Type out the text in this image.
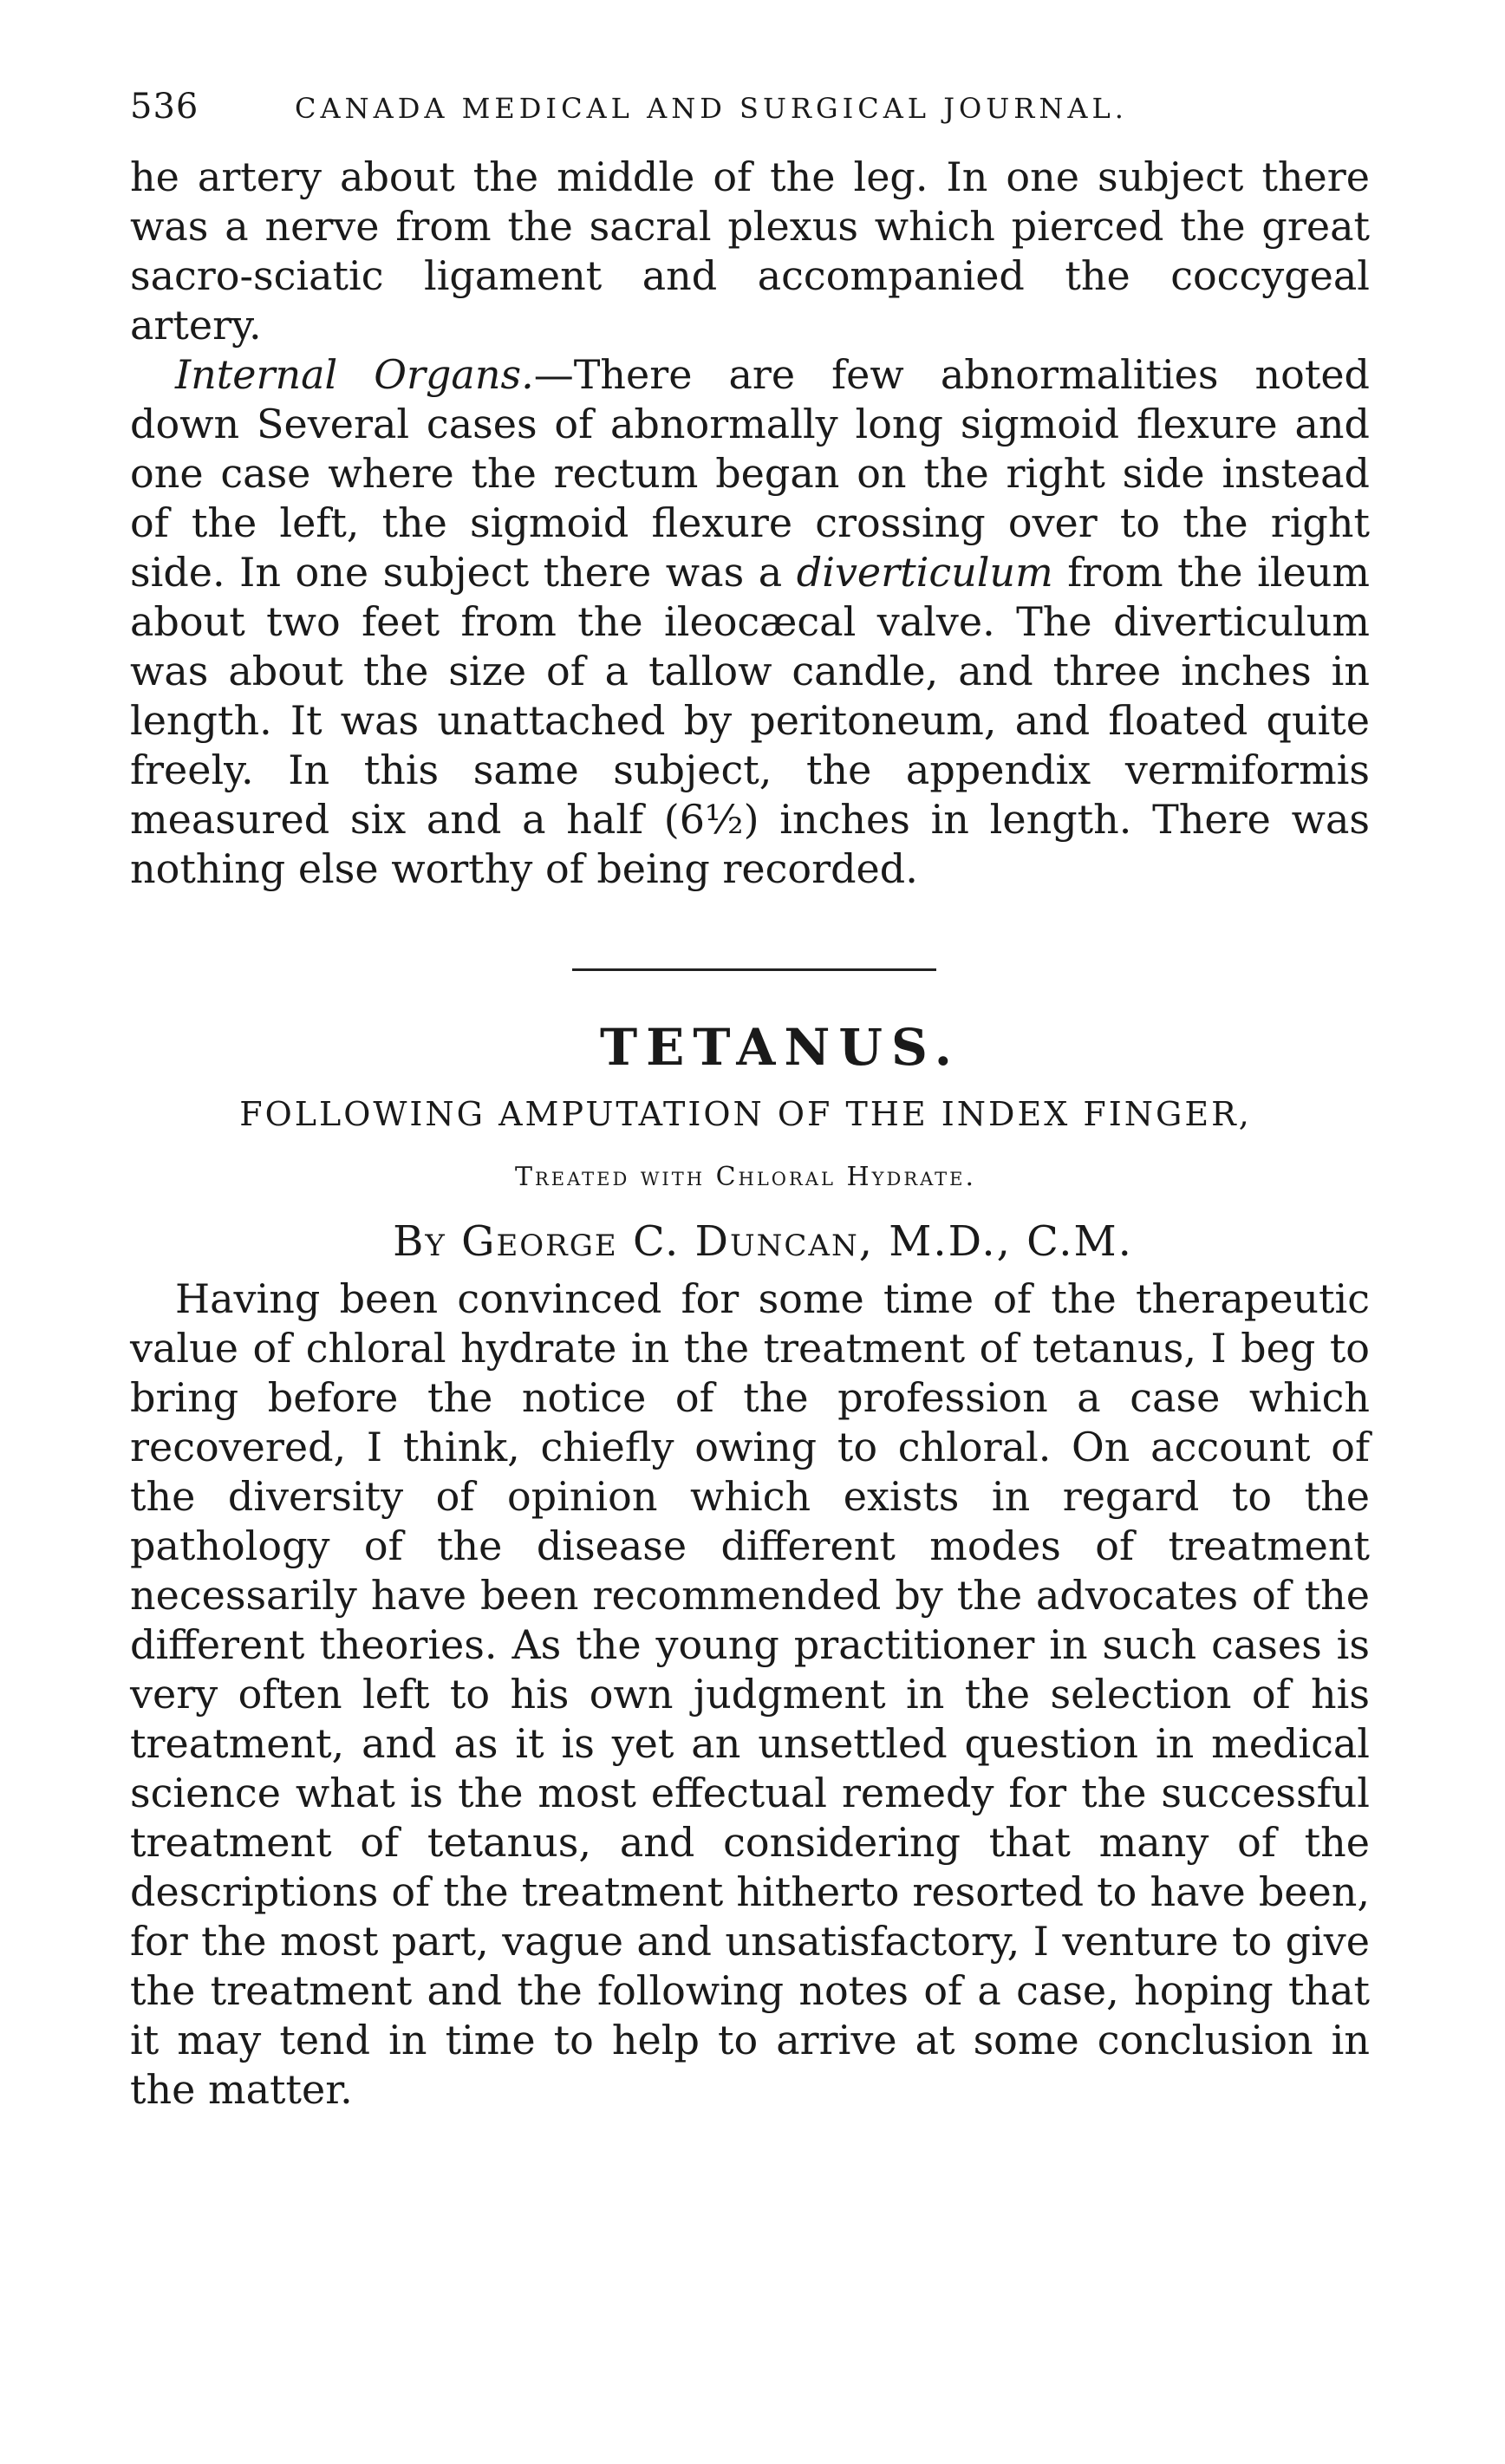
536	CANADA MEDICAL AND SURGICAL JOURNAL.

he artery about the middle of the leg. In one subject there was a nerve from the sacral plexus which pierced the great sacro-sciatic ligament and accompanied the coccygeal artery.

Internal Organs.—There are few abnormalities noted down Several cases of abnormally long sigmoid flexure and one case where the rectum began on the right side instead of the left, the sigmoid flexure crossing over to the right side. In one subject there was a diverticulum from the ileum about two feet from the ileocæcal valve. The diverticulum was about the size of a tallow candle, and three inches in length. It was unattached by peritoneum, and floated quite freely. In this same subject, the appendix vermiformis measured six and a half (6½) inches in length. There was nothing else worthy of being recorded.

TETANUS.
FOLLOWING AMPUTATION OF THE INDEX FINGER,
Treated with Chloral Hydrate.
By George C. Duncan, M.D., C.M.

Having been convinced for some time of the therapeutic value of chloral hydrate in the treatment of tetanus, I beg to bring before the notice of the profession a case which recovered, I think, chiefly owing to chloral. On account of the diversity of opinion which exists in regard to the pathology of the disease different modes of treatment necessarily have been recommended by the advocates of the different theories. As the young practitioner in such cases is very often left to his own judgment in the selection of his treatment, and as it is yet an unsettled question in medical science what is the most effectual remedy for the successful treatment of tetanus, and considering that many of the descriptions of the treatment hitherto resorted to have been, for the most part, vague and unsatisfactory, I venture to give the treatment and the following notes of a case, hoping that it may tend in time to help to arrive at some conclusion in the matter.
